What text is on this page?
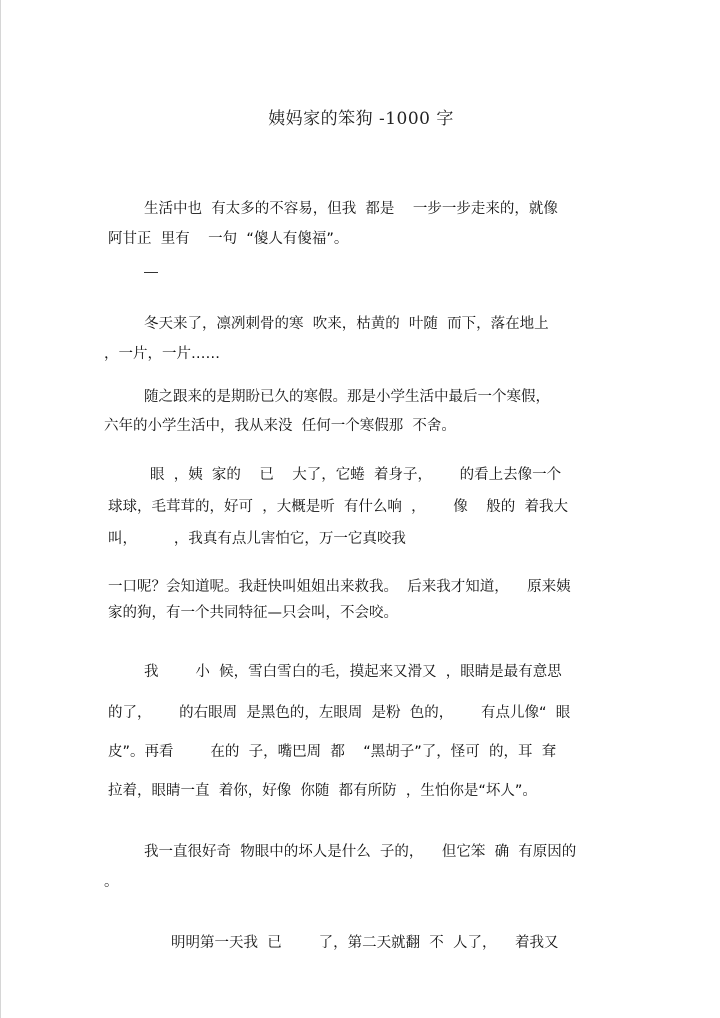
姨妈家的笨狗 -1000 字
生活中也  有太多的不容易，但我  都是    一步一步走来的，就像
阿甘正  里有    一句  “傻人有傻福”。
冬天来了，凛冽刺骨的寒  吹来，枯黄的  叶随  而下，落在地上
，一片，一片……
随之跟来的是期盼已久的寒假。那是小学生活中最后一个寒假，
六年的小学生活中，我从来没  任何一个寒假那  不舍。
眼  ，姨  家的    已    大了，它蜷  着身子，      的看上去像一个
球球，毛茸茸的，好可  ，大概是听  有什么响  ，      像    般的  着我大
叫，        ，我真有点儿害怕它，万一它真咬我
一口呢？会知道呢。我赶快叫姐姐出来救我。  后来我才知道，    原来姨
家的狗，有一个共同特征—只会叫，不会咬。
我        小  候，雪白雪白的毛，摸起来又滑又  ，眼睛是最有意思
的了，      的右眼周  是黑色的，左眼周  是粉  色的，      有点儿像“  眼
皮”。再看        在的  子，嘴巴周  都    “黑胡子”了，怪可  的，耳  耷
拉着，眼睛一直  着你，好像  你随  都有所防  ，生怕你是“坏人”。
我一直很好奇  物眼中的坏人是什么  子的，    但它笨  确  有原因的
。
明明第一天我  已        了，第二天就翻  不  人了，    着我又
